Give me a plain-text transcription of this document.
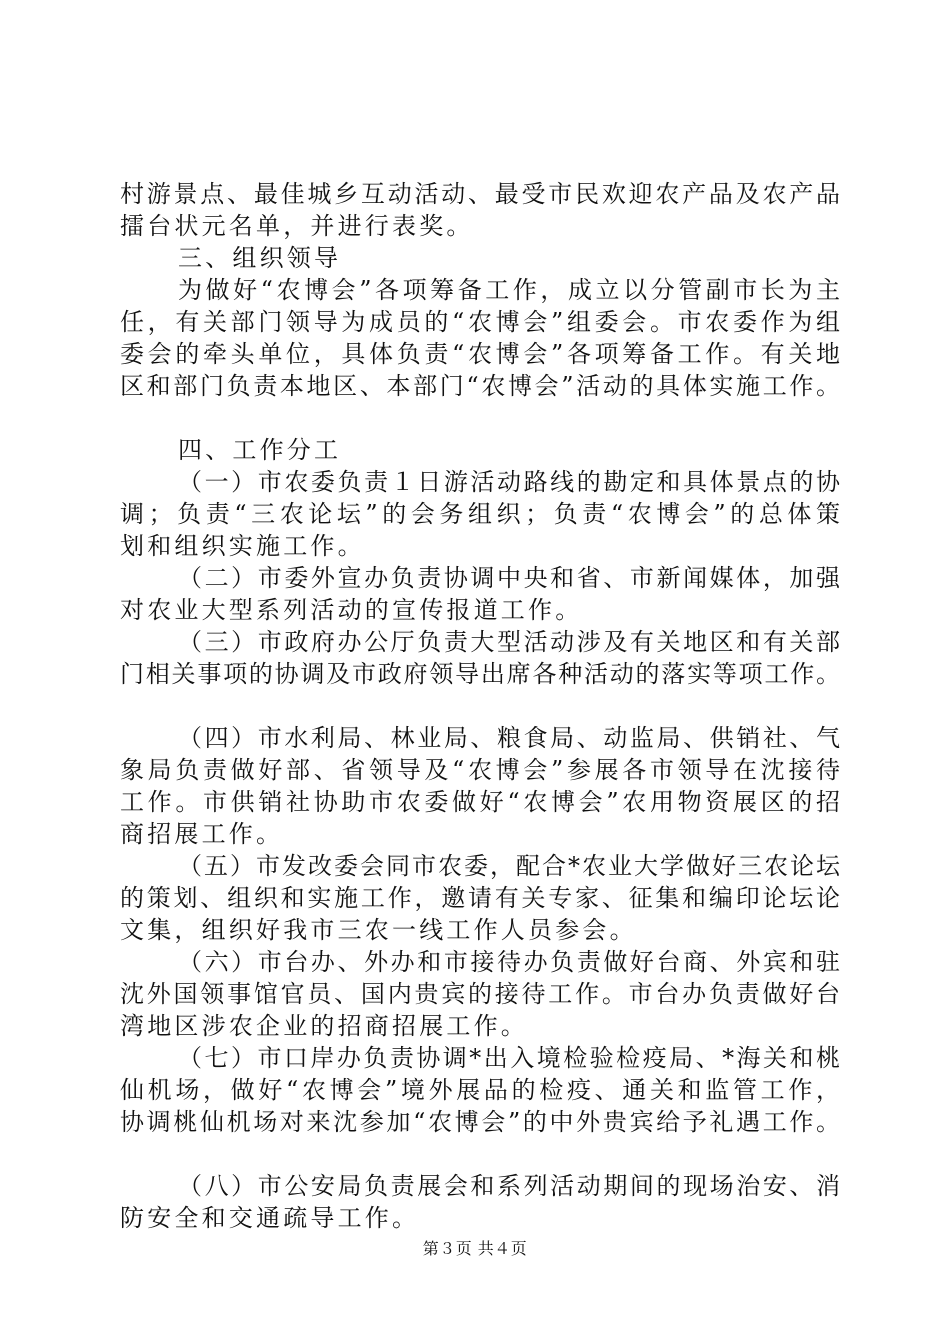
村游景点、最佳城乡互动活动、最受市民欢迎农产品及农产品
擂台状元名单，并进行表奖。
三、组织领导
为做好“农博会”各项筹备工作，成立以分管副市长为主
任，有关部门领导为成员的“农博会”组委会。市农委作为组
委会的牵头单位，具体负责“农博会”各项筹备工作。有关地
区和部门负责本地区、本部门“农博会”活动的具体实施工作。
四、工作分工
（一）市农委负责１日游活动路线的勘定和具体景点的协
调；负责“三农论坛”的会务组织；负责“农博会”的总体策
划和组织实施工作。
（二）市委外宣办负责协调中央和省、市新闻媒体，加强
对农业大型系列活动的宣传报道工作。
（三）市政府办公厅负责大型活动涉及有关地区和有关部
门相关事项的协调及市政府领导出席各种活动的落实等项工作。
（四）市水利局、林业局、粮食局、动监局、供销社、气
象局负责做好部、省领导及“农博会”参展各市领导在沈接待
工作。市供销社协助市农委做好“农博会”农用物资展区的招
商招展工作。
（五）市发改委会同市农委，配合*农业大学做好三农论坛
的策划、组织和实施工作，邀请有关专家、征集和编印论坛论
文集，组织好我市三农一线工作人员参会。
（六）市台办、外办和市接待办负责做好台商、外宾和驻
沈外国领事馆官员、国内贵宾的接待工作。市台办负责做好台
湾地区涉农企业的招商招展工作。
（七）市口岸办负责协调*出入境检验检疫局、*海关和桃
仙机场，做好“农博会”境外展品的检疫、通关和监管工作，
协调桃仙机场对来沈参加“农博会”的中外贵宾给予礼遇工作。
（八）市公安局负责展会和系列活动期间的现场治安、消
防安全和交通疏导工作。
第３页 共４页
